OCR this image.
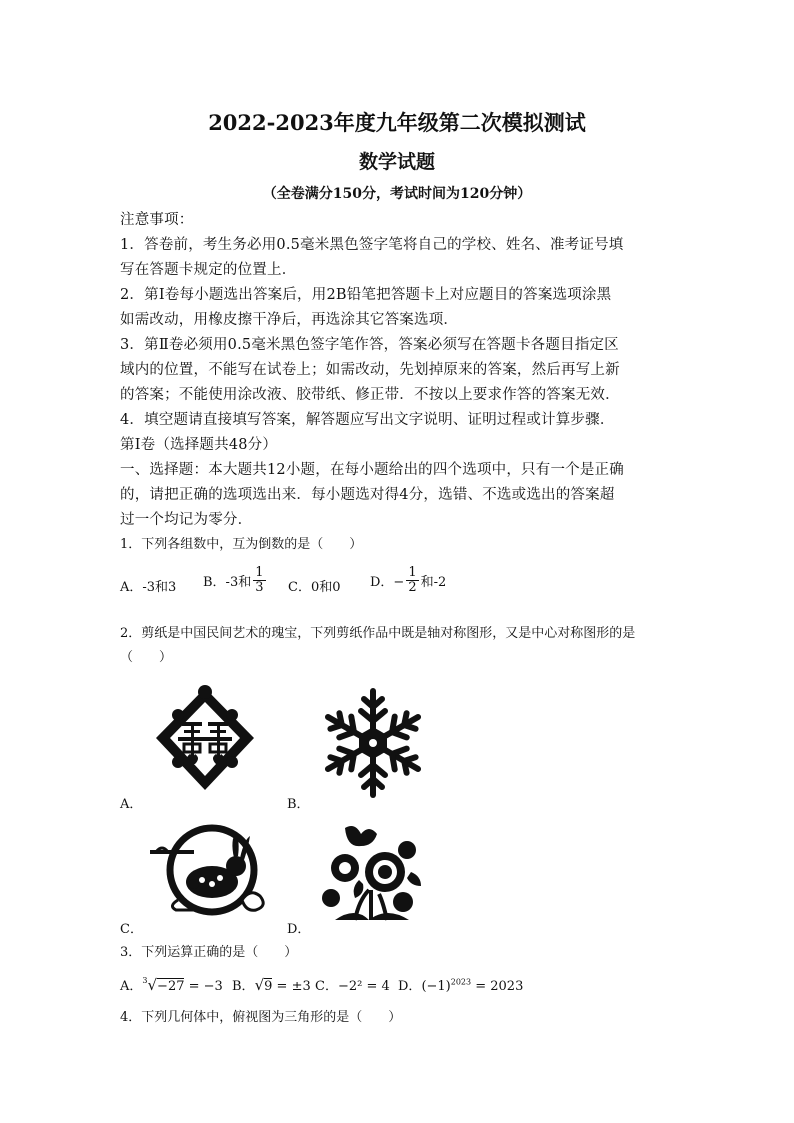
2022-2023年度九年级第二次模拟测试
数学试题
（全卷满分150分，考试时间为120分钟）
注意事项：
1．答卷前，考生务必用0.5毫米黑色签字笔将自己的学校、姓名、准考证号填
写在答题卡规定的位置上．
2．第Ⅰ卷每小题选出答案后，用2B铅笔把答题卡上对应题目的答案选项涂黑
如需改动，用橡皮擦干净后，再选涂其它答案选项．
3．第Ⅱ卷必须用0.5毫米黑色签字笔作答，答案必须写在答题卡各题目指定区
域内的位置，不能写在试卷上；如需改动，先划掉原来的答案，然后再写上新
的答案；不能使用涂改液、胶带纸、修正带．不按以上要求作答的答案无效．
4．填空题请直接填写答案，解答题应写出文字说明、证明过程或计算步骤．
第Ⅰ卷（选择题共48分）
一、选择题：本大题共12小题，在每小题给出的四个选项中，只有一个是正确
的，请把正确的选项选出来．每小题选对得4分，选错、不选或选出的答案超
过一个均记为零分．
1．下列各组数中，互为倒数的是（　　）
A．-3和3 B．-3和 $\frac{1}{3}$ C．0和0 D．− $\frac{1}{2}$ 和-2
2．剪纸是中国民间艺术的瑰宝，下列剪纸作品中既是轴对称图形，又是中心对称图形的是
（　　）
A．	B．
C．	D．
3．下列运算正确的是（　　）
A．$^3$√−27 = −3 B．√9 = ±3 C．−2² = 4 D．$(-1)^{2023} = 2023$
4．下列几何体中，俯视图为三角形的是（　　）
